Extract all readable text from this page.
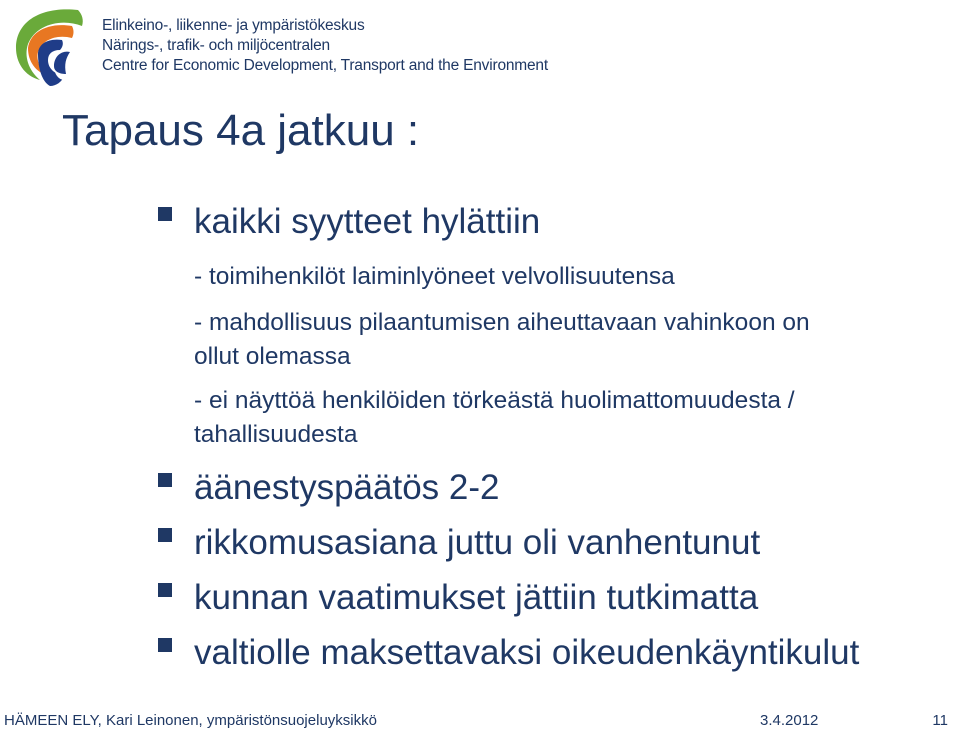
Elinkeino-, liikenne- ja ympäristökeskus
Närings-, trafik- och miljöcentralen
Centre for Economic Development, Transport and the Environment
Tapaus 4a jatkuu :
kaikki syytteet hylättiin
- toimihenkilöt laiminlyöneet velvollisuutensa
- mahdollisuus pilaantumisen aiheuttavaan vahinkoon on
ollut olemassa
- ei näyttöä henkilöiden törkeästä huolimattomuudesta /
tahallisuudesta
äänestyspäätös 2-2
rikkomusasiana juttu oli vanhentunut
kunnan vaatimukset jättiin tutkimatta
valtiolle maksettavaksi oikeudenkäyntikulut
HÄMEEN ELY, Kari Leinonen, ympäristönsuojeluyksikkö	3.4.2012	11
